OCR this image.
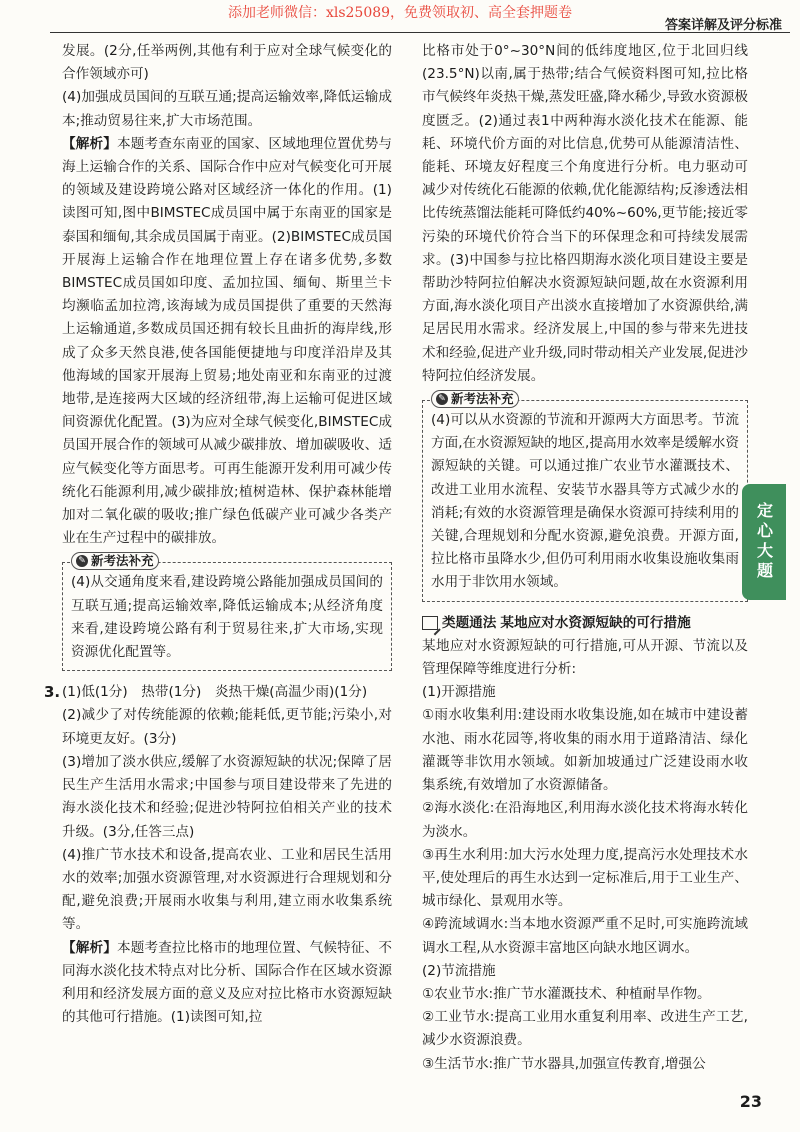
添加老师微信：xls25089，免费领取初、高全套押题卷
答案详解及评分标准

发展。(2分,任举两例,其他有利于应对全球气候变化的合作领域亦可)

(4)加强成员国间的互联互通;提高运输效率,降低运输成本;推动贸易往来,扩大市场范围。

【解析】本题考查东南亚的国家、区域地理位置优势与海上运输合作的关系、国际合作中应对气候变化可开展的领域及建设跨境公路对区域经济一体化的作用。(1)读图可知,图中BIMSTEC成员国中属于东南亚的国家是泰国和缅甸,其余成员国属于南亚。(2)BIMSTEC成员国开展海上运输合作在地理位置上存在诸多优势,多数BIMSTEC成员国如印度、孟加拉国、缅甸、斯里兰卡均濒临孟加拉湾,该海域为成员国提供了重要的天然海上运输通道,多数成员国还拥有较长且曲折的海岸线,形成了众多天然良港,使各国能便捷地与印度洋沿岸及其他海域的国家开展海上贸易;地处南亚和东南亚的过渡地带,是连接两大区域的经济纽带,海上运输可促进区域间资源优化配置。(3)为应对全球气候变化,BIMSTEC成员国开展合作的领域可从减少碳排放、增加碳吸收、适应气候变化等方面思考。可再生能源开发利用可减少传统化石能源利用,减少碳排放;植树造林、保护森林能增加对二氧化碳的吸收;推广绿色低碳产业可减少各类产业在生产过程中的碳排放。

✎ 新考法补充

(4)从交通角度来看,建设跨境公路能加强成员国间的互联互通;提高运输效率,降低运输成本;从经济角度来看,建设跨境公路有利于贸易往来,扩大市场,实现资源优化配置等。

3. (1)低(1分)　热带(1分)　炎热干燥(高温少雨)(1分)

(2)减少了对传统能源的依赖;能耗低,更节能;污染小,对环境更友好。(3分)

(3)增加了淡水供应,缓解了水资源短缺的状况;保障了居民生产生活用水需求;中国参与项目建设带来了先进的海水淡化技术和经验;促进沙特阿拉伯相关产业的技术升级。(3分,任答三点)

(4)推广节水技术和设备,提高农业、工业和居民生活用水的效率;加强水资源管理,对水资源进行合理规划和分配,避免浪费;开展雨水收集与利用,建立雨水收集系统等。

【解析】本题考查拉比格市的地理位置、气候特征、不同海水淡化技术特点对比分析、国际合作在区域水资源利用和经济发展方面的意义及应对拉比格市水资源短缺的其他可行措施。(1)读图可知,拉

比格市处于0°~30°N间的低纬度地区,位于北回归线(23.5°N)以南,属于热带;结合气候资料图可知,拉比格市气候终年炎热干燥,蒸发旺盛,降水稀少,导致水资源极度匮乏。(2)通过表1中两种海水淡化技术在能源、能耗、环境代价方面的对比信息,优势可从能源清洁性、能耗、环境友好程度三个角度进行分析。电力驱动可减少对传统化石能源的依赖,优化能源结构;反渗透法相比传统蒸馏法能耗可降低约40%~60%,更节能;接近零污染的环境代价符合当下的环保理念和可持续发展需求。(3)中国参与拉比格四期海水淡化项目建设主要是帮助沙特阿拉伯解决水资源短缺问题,故在水资源利用方面,海水淡化项目产出淡水直接增加了水资源供给,满足居民用水需求。经济发展上,中国的参与带来先进技术和经验,促进产业升级,同时带动相关产业发展,促进沙特阿拉伯经济发展。

✎ 新考法补充

(4)可以从水资源的节流和开源两大方面思考。节流方面,在水资源短缺的地区,提高用水效率是缓解水资源短缺的关键。可以通过推广农业节水灌溉技术、改进工业用水流程、安装节水器具等方式减少水的消耗;有效的水资源管理是确保水资源可持续利用的关键,合理规划和分配水资源,避免浪费。开源方面,拉比格市虽降水少,但仍可利用雨水收集设施收集雨水用于非饮用水领域。

类题通法 某地应对水资源短缺的可行措施

某地应对水资源短缺的可行措施,可从开源、节流以及管理保障等维度进行分析:

(1)开源措施

①雨水收集利用:建设雨水收集设施,如在城市中建设蓄水池、雨水花园等,将收集的雨水用于道路清洁、绿化灌溉等非饮用水领域。如新加坡通过广泛建设雨水收集系统,有效增加了水资源储备。

②海水淡化:在沿海地区,利用海水淡化技术将海水转化为淡水。

③再生水利用:加大污水处理力度,提高污水处理技术水平,使处理后的再生水达到一定标准后,用于工业生产、城市绿化、景观用水等。

④跨流域调水:当本地水资源严重不足时,可实施跨流域调水工程,从水资源丰富地区向缺水地区调水。

(2)节流措施

①农业节水:推广节水灌溉技术、种植耐旱作物。

②工业节水:提高工业用水重复利用率、改进生产工艺,减少水资源浪费。

③生活节水:推广节水器具,加强宣传教育,增强公

定心大题
23
